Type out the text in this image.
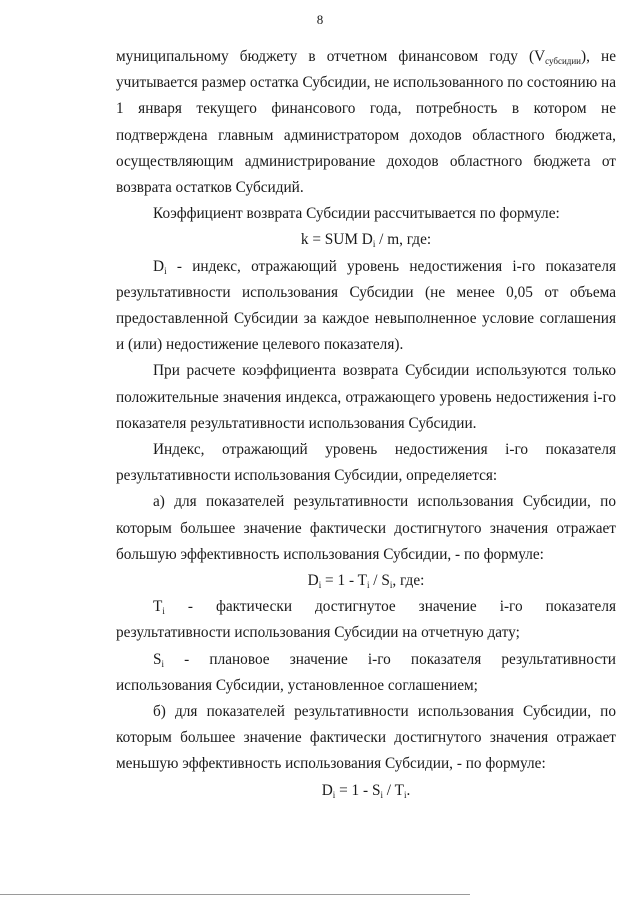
8

муниципальному бюджету в отчетном финансовом году $(V_{субсидии})$, не учитывается размер остатка Субсидии, не использованного по состоянию на 1 января текущего финансового года, потребность в котором не подтверждена главным администратором доходов областного бюджета, осуществляющим администрирование доходов областного бюджета от возврата остатков Субсидий.

Коэффициент возврата Субсидии рассчитывается по формуле:

k = SUM $D_i$ / m, где:

$D_i$ - индекс, отражающий уровень недостижения i-го показателя результативности использования Субсидии (не менее 0,05 от объема предоставленной Субсидии за каждое невыполненное условие соглашения и (или) недостижение целевого показателя).

При расчете коэффициента возврата Субсидии используются только положительные значения индекса, отражающего уровень недостижения i-го показателя результативности использования Субсидии.

Индекс, отражающий уровень недостижения i-го показателя результативности использования Субсидии, определяется:

а) для показателей результативности использования Субсидии, по которым большее значение фактически достигнутого значения отражает большую эффективность использования Субсидии, - по формуле:

$D_i = 1 - T_i / S_i$, где:

$T_i$ - фактически достигнутое значение i-го показателя результативности использования Субсидии на отчетную дату;

$S_i$ - плановое значение i-го показателя результативности использования Субсидии, установленное соглашением;

б) для показателей результативности использования Субсидии, по которым большее значение фактически достигнутого значения отражает меньшую эффективность использования Субсидии, - по формуле:

$D_i = 1 - S_i / T_i$.
